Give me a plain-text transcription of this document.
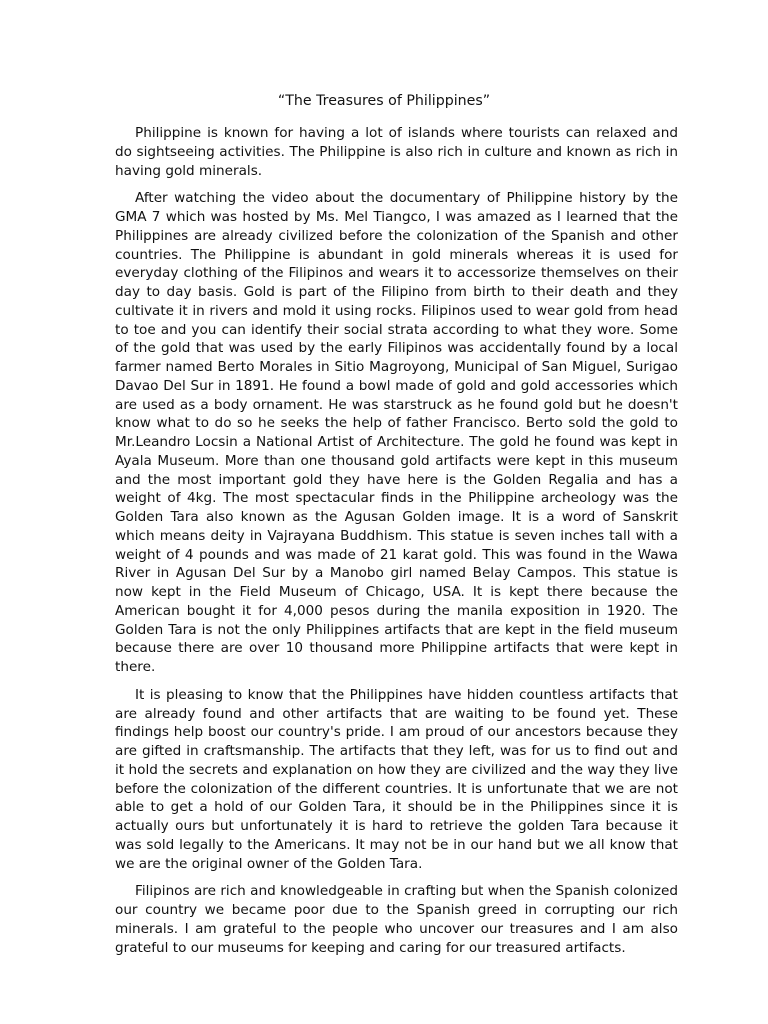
“The Treasures of Philippines”

Philippine is known for having a lot of islands where tourists can relaxed and do sightseeing activities. The Philippine is also rich in culture and known as rich in having gold minerals.

After watching the video about the documentary of Philippine history by the GMA 7 which was hosted by Ms. Mel Tiangco, I was amazed as I learned that the Philippines are already civilized before the colonization of the Spanish and other countries. The Philippine is abundant in gold minerals whereas it is used for everyday clothing of the Filipinos and wears it to accessorize themselves on their day to day basis. Gold is part of the Filipino from birth to their death and they cultivate it in rivers and mold it using rocks. Filipinos used to wear gold from head to toe and you can identify their social strata according to what they wore. Some of the gold that was used by the early Filipinos was accidentally found by a local farmer named Berto Morales in Sitio Magroyong, Municipal of San Miguel, Surigao Davao Del Sur in 1891. He found a bowl made of gold and gold accessories which are used as a body ornament. He was starstruck as he found gold but he doesn't know what to do so he seeks the help of father Francisco. Berto sold the gold to Mr.Leandro Locsin a National Artist of Architecture. The gold he found was kept in Ayala Museum. More than one thousand gold artifacts were kept in this museum and the most important gold they have here is the Golden Regalia and has a weight of 4kg. The most spectacular finds in the Philippine archeology was the Golden Tara also known as the Agusan Golden image. It is a word of Sanskrit which means deity in Vajrayana Buddhism. This statue is seven inches tall with a weight of 4 pounds and was made of 21 karat gold. This was found in the Wawa River in Agusan Del Sur by a Manobo girl named Belay Campos. This statue is now kept in the Field Museum of Chicago, USA. It is kept there because the American bought it for 4,000 pesos during the manila exposition in 1920. The Golden Tara is not the only Philippines artifacts that are kept in the field museum because there are over 10 thousand more Philippine artifacts that were kept in there.

It is pleasing to know that the Philippines have hidden countless artifacts that are already found and other artifacts that are waiting to be found yet. These findings help boost our country's pride. I am proud of our ancestors because they are gifted in craftsmanship. The artifacts that they left, was for us to find out and it hold the secrets and explanation on how they are civilized and the way they live before the colonization of the different countries. It is unfortunate that we are not able to get a hold of our Golden Tara, it should be in the Philippines since it is actually ours but unfortunately it is hard to retrieve the golden Tara because it was sold legally to the Americans. It may not be in our hand but we all know that we are the original owner of the Golden Tara.

Filipinos are rich and knowledgeable in crafting but when the Spanish colonized our country we became poor due to the Spanish greed in corrupting our rich minerals. I am grateful to the people who uncover our treasures and I am also grateful to our museums for keeping and caring for our treasured artifacts.
